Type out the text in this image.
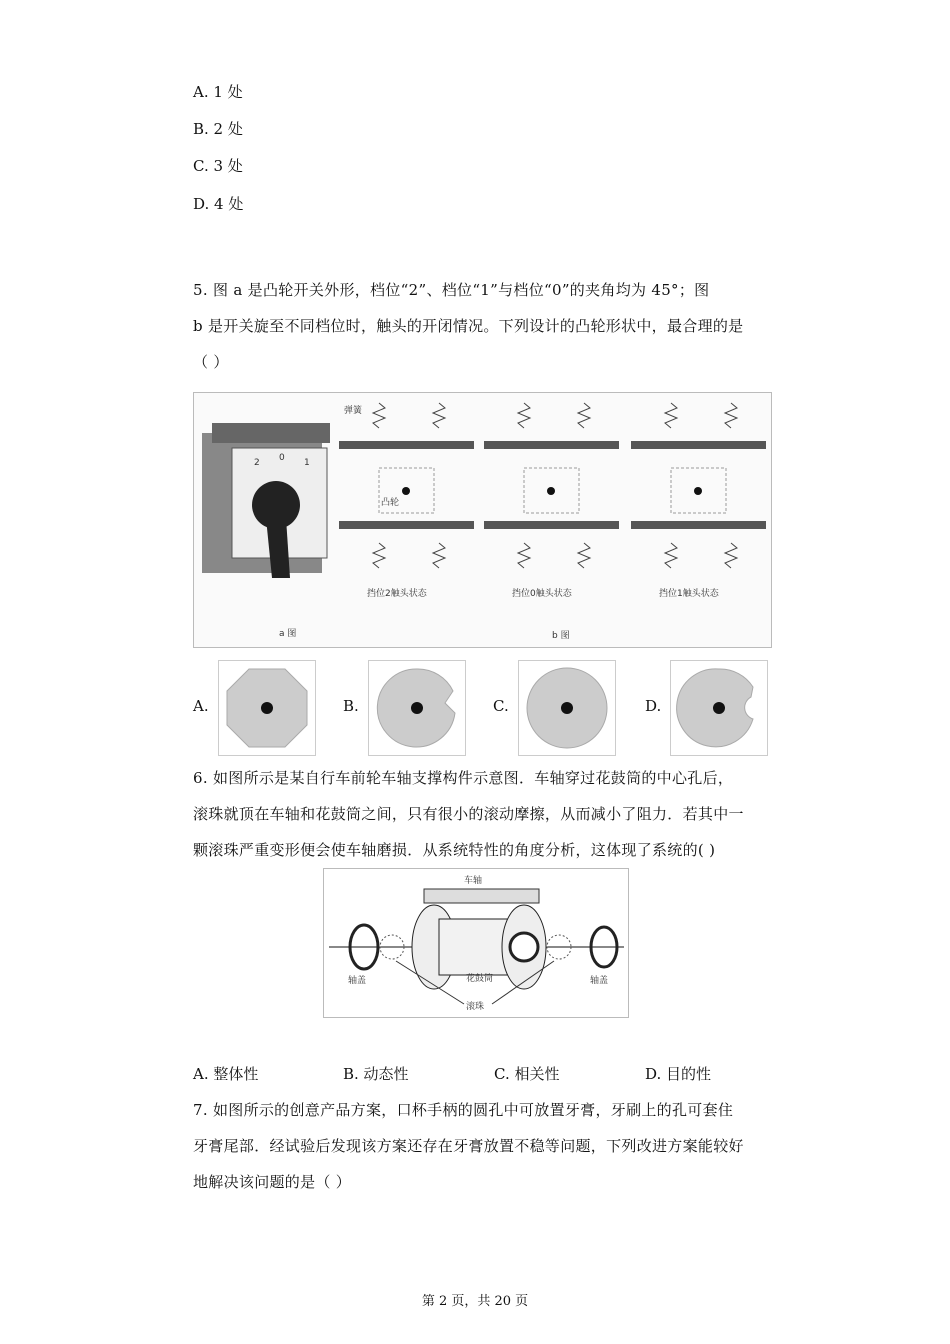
A. 1 处
B. 2 处
C. 3 处
D. 4 处
5. 图 a 是凸轮开关外形，档位“2”、档位“1”与档位“0”的夹角均为 45°；图
b 是开关旋至不同档位时，触头的开闭情况。下列设计的凸轮形状中，最合理的是
（ ）
2 0 1
a 图	b 图
弹簧
凸轮
挡位2触头状态	挡位0触头状态	挡位1触头状态
A.	B.	C.	D.
6. 如图所示是某自行车前轮车轴支撑构件示意图．车轴穿过花鼓筒的中心孔后，
滚珠就顶在车轴和花鼓筒之间，只有很小的滚动摩擦，从而减小了阻力．若其中一
颗滚珠严重变形便会使车轴磨损．从系统特性的角度分析，这体现了系统的( )
车轴
轴盖	花鼓筒	轴盖
滚珠
A. 整体性	B. 动态性	C. 相关性	D. 目的性
7. 如图所示的创意产品方案，口杯手柄的圆孔中可放置牙膏，牙刷上的孔可套住
牙膏尾部．经试验后发现该方案还存在牙膏放置不稳等问题，下列改进方案能较好
地解决该问题的是（ ）
第 2 页，共 20 页
